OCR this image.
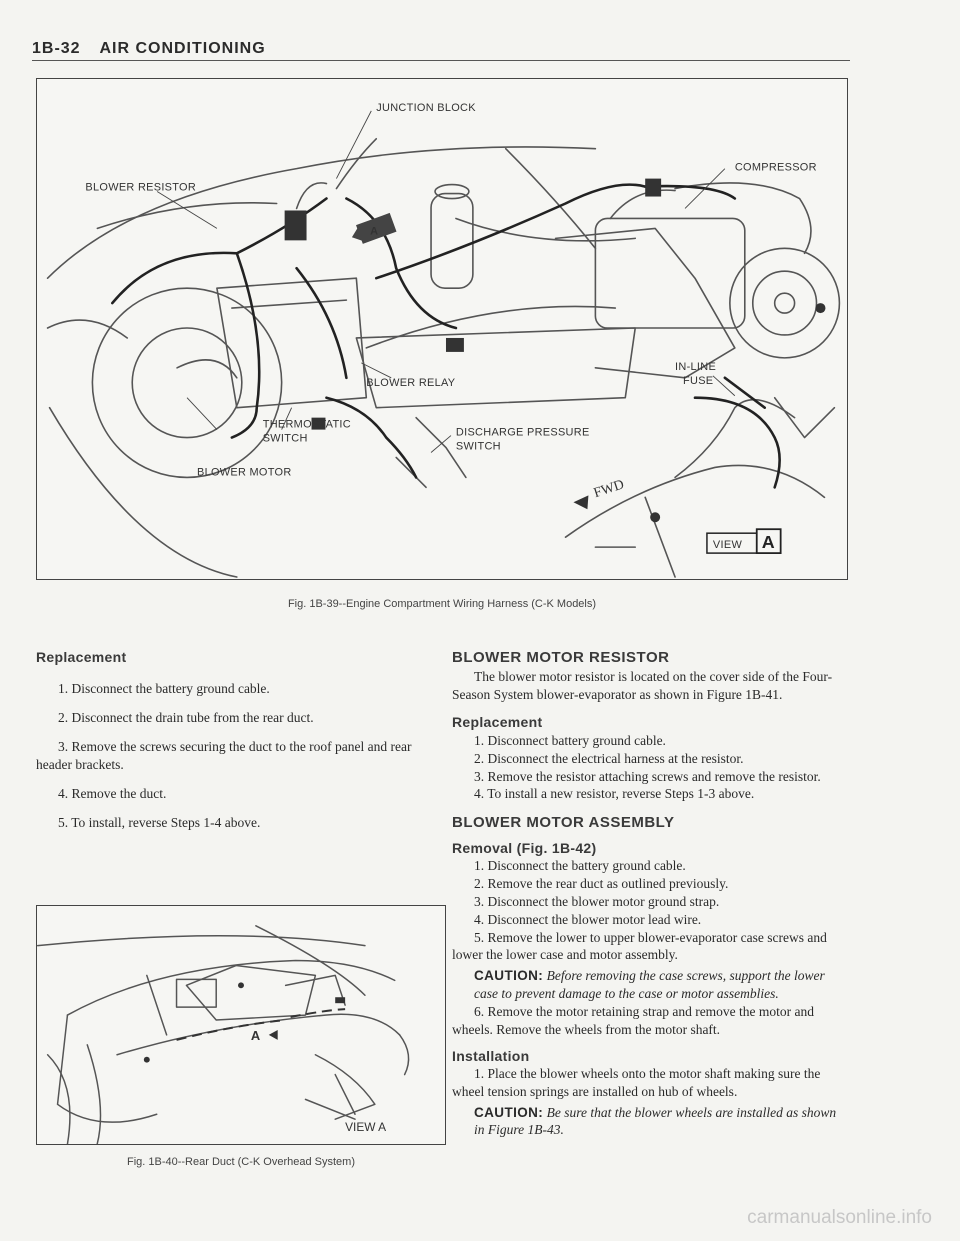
1B-32 AIR CONDITIONING
A
JUNCTION BLOCK
COMPRESSOR
BLOWER RESISTOR
BLOWER RELAY
IN-LINE
FUSE
THERMOSTATIC
SWITCH	DISCHARGE PRESSURE
SWITCH
BLOWER MOTOR
FWD
VIEW A
Fig. 1B-39--Engine Compartment Wiring Harness (C-K Models)
Replacement

1. Disconnect the battery ground cable.

2. Disconnect the drain tube from the rear duct.

3. Remove the screws securing the duct to the roof panel and rear header brackets.

4. Remove the duct.

5. To install, reverse Steps 1-4 above.

A
VIEW A
Fig. 1B-40--Rear Duct (C-K Overhead System)
BLOWER MOTOR RESISTOR

The blower motor resistor is located on the cover side of the Four-Season System blower-evaporator as shown in Figure 1B-41.

Replacement

1. Disconnect battery ground cable.

2. Disconnect the electrical harness at the resistor.

3. Remove the resistor attaching screws and remove the resistor.

4. To install a new resistor, reverse Steps 1-3 above.

BLOWER MOTOR ASSEMBLY
Removal (Fig. 1B-42)

1. Disconnect the battery ground cable.

2. Remove the rear duct as outlined previously.

3. Disconnect the blower motor ground strap.

4. Disconnect the blower motor lead wire.

5. Remove the lower to upper blower-evaporator case screws and lower the lower case and motor assembly.

CAUTION: Before removing the case screws, support the lower case to prevent damage to the case or motor assemblies.

6. Remove the motor retaining strap and remove the motor and wheels. Remove the wheels from the motor shaft.

Installation

1. Place the blower wheels onto the motor shaft making sure the wheel tension springs are installed on hub of wheels.

CAUTION: Be sure that the blower wheels are installed as shown in Figure 1B-43.

carmanualsonline.info
